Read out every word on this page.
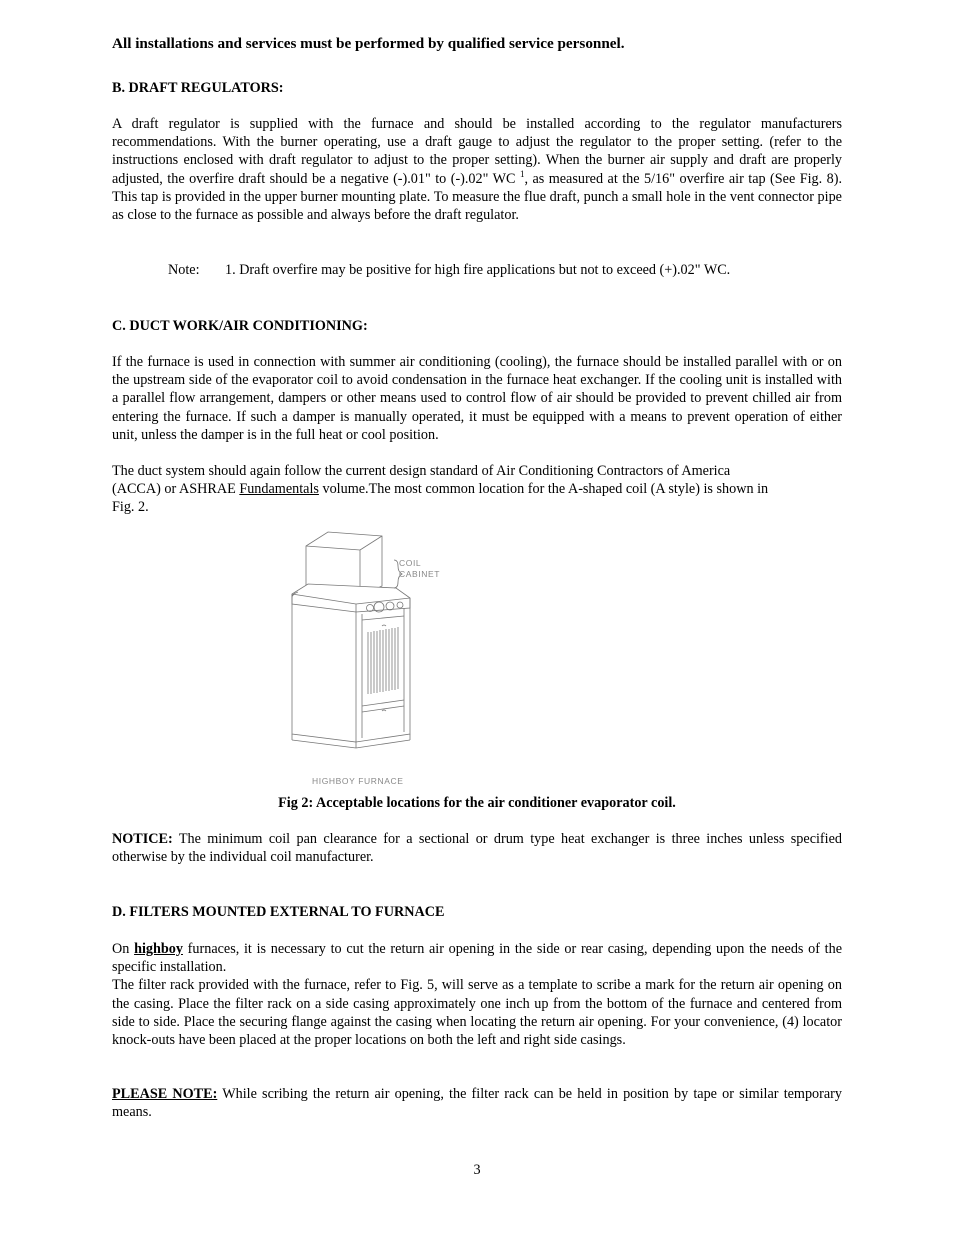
All installations and services must be performed by qualified service personnel.

B. DRAFT REGULATORS:

A draft regulator is supplied with the furnace and should be installed according to the regulator manufacturers recommendations. With the burner operating, use a draft gauge to adjust the regulator to the proper setting. (refer to the instructions enclosed with draft regulator to adjust to the proper setting). When the burner air supply and draft are properly adjusted, the overfire draft should be a negative (-).01" to (-).02" WC $^1$, as measured at the 5/16" overfire air tap (See Fig. 8). This tap is provided in the upper burner mounting plate. To measure the flue draft, punch a small hole in the vent connector pipe as close to the furnace as possible and always before the draft regulator.

Note: 1. Draft overfire may be positive for high fire applications but not to exceed (+).02" WC.

C. DUCT WORK/AIR CONDITIONING:

If the furnace is used in connection with summer air conditioning (cooling), the furnace should be installed parallel with or on the upstream side of the evaporator coil to avoid condensation in the furnace heat exchanger. If the cooling unit is installed with a parallel flow arrangement, dampers or other means used to control flow of air should be provided to prevent chilled air from entering the furnace. If such a damper is manually operated, it must be equipped with a means to prevent operation of either unit, unless the damper is in the full heat or cool position.

The duct system should again follow the current design standard of Air Conditioning Contractors of America
(ACCA) or ASHRAE Fundamentals volume.The most common location for the A-shaped coil (A style) is shown in
Fig. 2.
COIL
CABINET
HIGHBOY FURNACE
Fig 2: Acceptable locations for the air conditioner evaporator coil.

NOTICE: The minimum coil pan clearance for a sectional or drum type heat exchanger is three inches unless specified otherwise by the individual coil manufacturer.

D. FILTERS MOUNTED EXTERNAL TO FURNACE

On highboy furnaces, it is necessary to cut the return air opening in the side or rear casing, depending upon the needs of the specific installation.
The filter rack provided with the furnace, refer to Fig. 5, will serve as a template to scribe a mark for the return air opening on the casing. Place the filter rack on a side casing approximately one inch up from the bottom of the furnace and centered from side to side. Place the securing flange against the casing when locating the return air opening. For your convenience, (4) locator knock-outs have been placed at the proper locations on both the left and right side casings.

PLEASE NOTE: While scribing the return air opening, the filter rack can be held in position by tape or similar temporary means.

3
